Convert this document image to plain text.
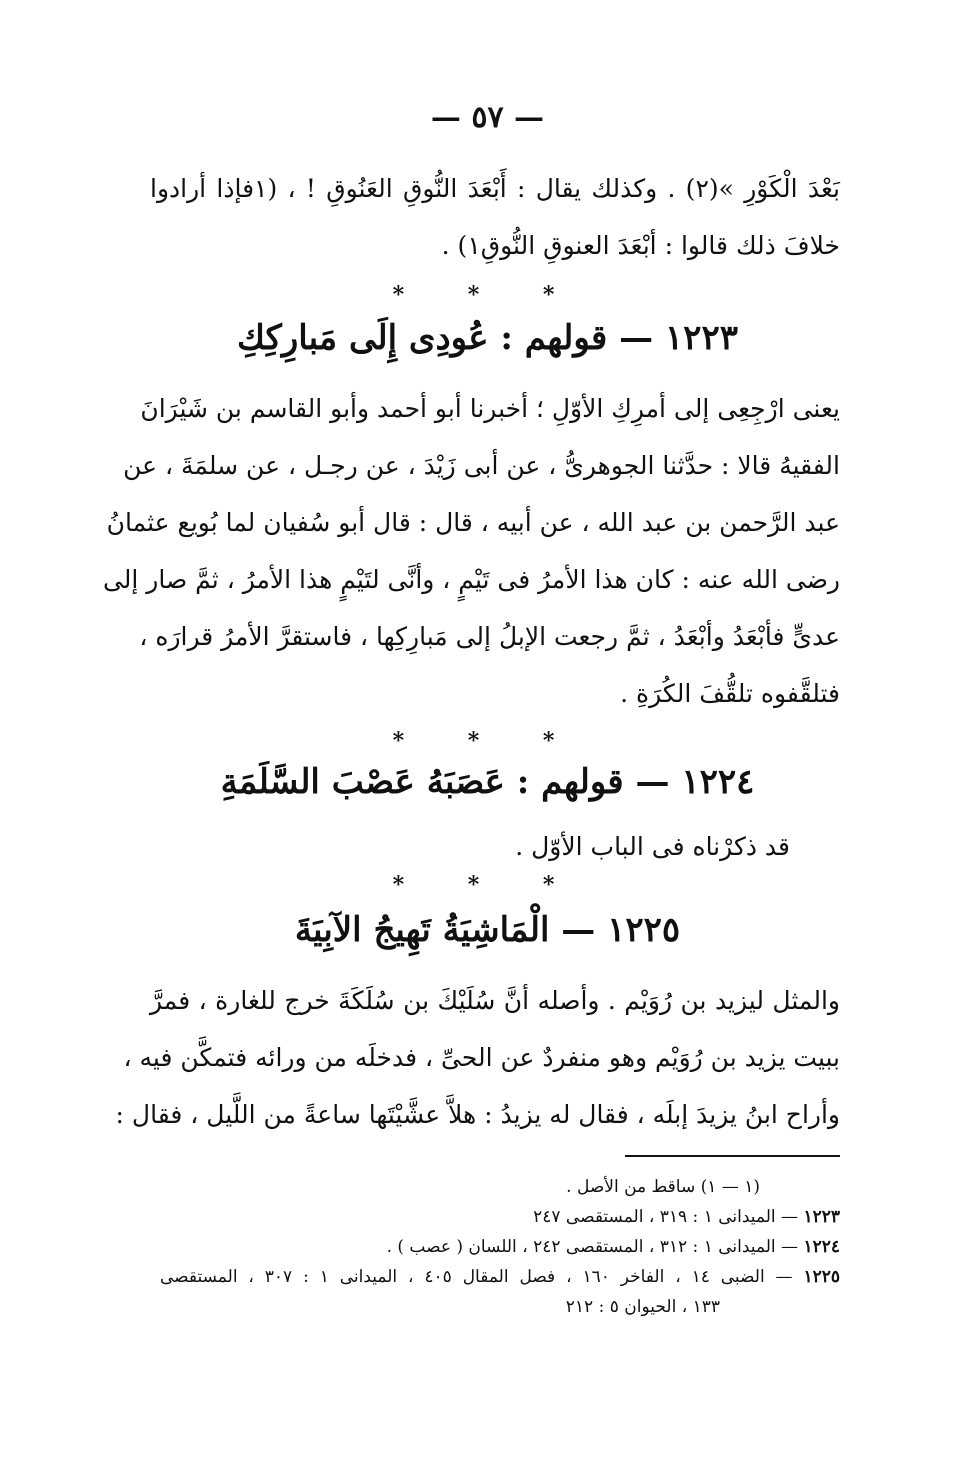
— ٥٧ —
بَعْدَ الْكَوْرِ »(٢) . وكذلك يقال : أَبْعَدَ النُّوقِ العَنُوقِ ! ، (١فإذا أرادوا
خلافَ ذلك قالوا : أبْعَدَ العنوقِ النُّوقِ١) .
* * *
١٢٢٣ — قولهم : عُودِى إِلَى مَبارِكِكِ
يعنى ارْجِعِى إلى أمرِكِ الأوّلِ ؛ أخبرنا أبو أحمد وأبو القاسم بن شَيْرَانَ
الفقيهُ قالا : حدَّثنا الجوهرىُّ ، عن أبى زَيْدَ ، عن رجـل ، عن سلمَةَ ، عن
عبد الرَّحمن بن عبد الله ، عن أبيه ، قال : قال أبو سُفيان لما بُويع عثمانُ
رضى الله عنه : كان هذا الأمرُ فى تَيْمٍ ، وأنَّى لتَيْمٍ هذا الأمرُ ، ثمَّ صار إلى
عدىٍّ فأبْعَدُ وأبْعَدُ ، ثمَّ رجعت الإبلُ إلى مَبارِكِها ، فاستقرَّ الأمرُ قرارَه ،
فتلقَّفوه تلقُّفَ الكُرَةِ .
* * *
١٢٢٤ — قولهم : عَصَبَهُ عَصْبَ السَّلَمَةِ
قد ذكرْناه فى الباب الأوّل .
* * *
١٢٢٥ — الْمَاشِيَةُ تَهِيجُ الآبِيَةَ
والمثل ليزيد بن رُوَيْم . وأصله أنَّ سُلَيْكَ بن سُلَكَةَ خرج للغارة ، فمرَّ
ببيت يزيد بن رُوَيْم وهو منفردٌ عن الحىِّ ، فدخلَه من ورائه فتمكَّن فيه ،
وأراح ابنُ يزيدَ إبلَه ، فقال له يزيدُ : هلاَّ عشَّيْتَها ساعةً من اللَّيل ، فقال :
(١ — ١) ساقط من الأصل .
١٢٢٣ — الميدانى ١ : ٣١٩ ، المستقصى ٢٤٧
١٢٢٤ — الميدانى ١ : ٣١٢ ، المستقصى ٢٤٢ ، اللسان ( عصب ) .
١٢٢٥ — الضبى ١٤ ، الفاخر ١٦٠ ، فصل المقال ٤٠٥ ، الميدانى ١ : ٣٠٧ ، المستقصى
١٣٣ ، الحيوان ٥ : ٢١٢
